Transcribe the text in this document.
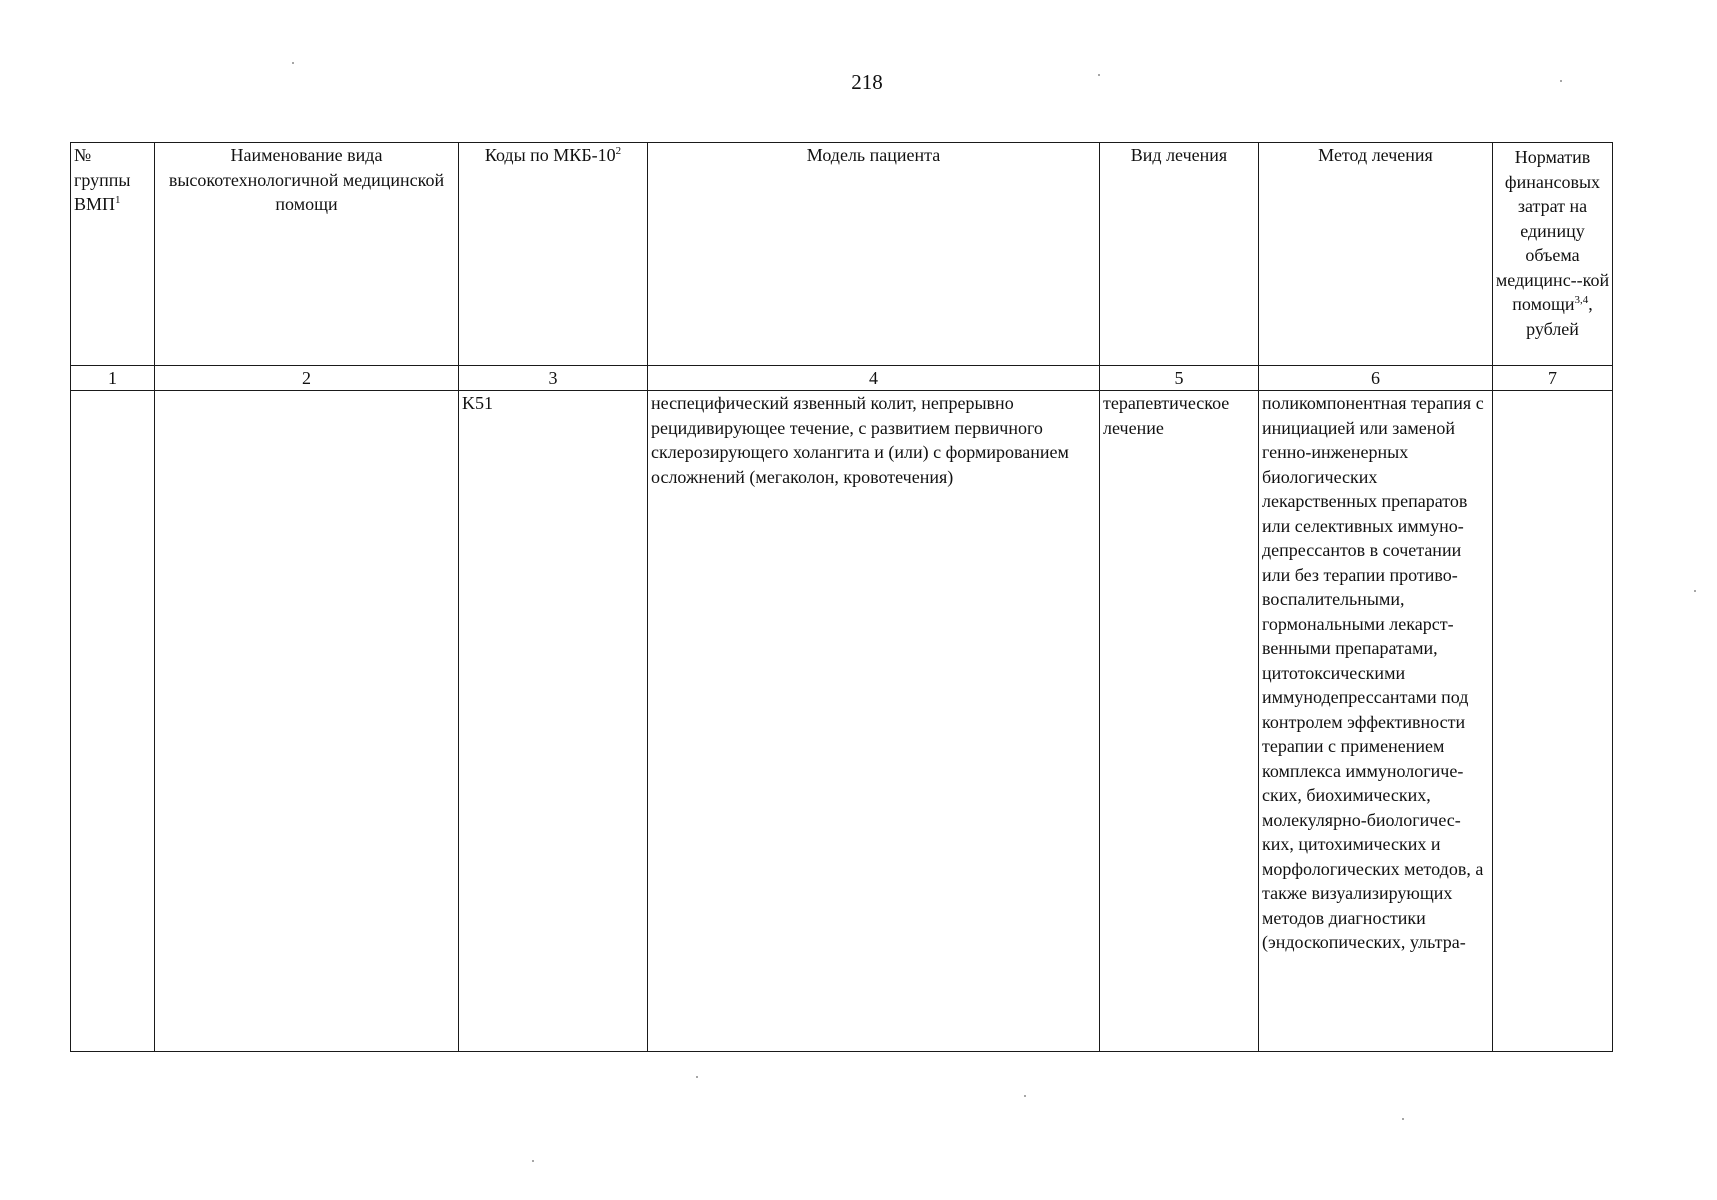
218
№ группы ВМП$^1$	Наименование вида высокотехнологичной медицинской помощи	Коды по МКБ-$10^2$	Модель пациента	Вид лечения	Метод лечения	Норматив финансовых затрат на единицу объема медицинс--кой помощи$^{3,4}$, рублей
1	2	3	4	5	6	7
		K51	неспецифический язвенный колит, непрерывно рецидивирующее течение, с развитием первичного склерозирующего холангита и (или) с формированием осложнений (мегаколон, кровотечения)	терапевтическое лечение	поликомпонентная терапия с инициацией или заменой генно-инженерных биологических лекарственных препаратов или селективных иммуно-депрессантов в сочетании или без терапии противо-воспалительными, гормональными лекарст-венными препаратами, цитотоксическими иммунодепрессантами под контролем эффективности терапии с применением комплекса иммунологиче-ских, биохимических, молекулярно-биологичес-ких, цитохимических и морфологических методов, а также визуализирующих методов диагностики (эндоскопических, ультра-	
